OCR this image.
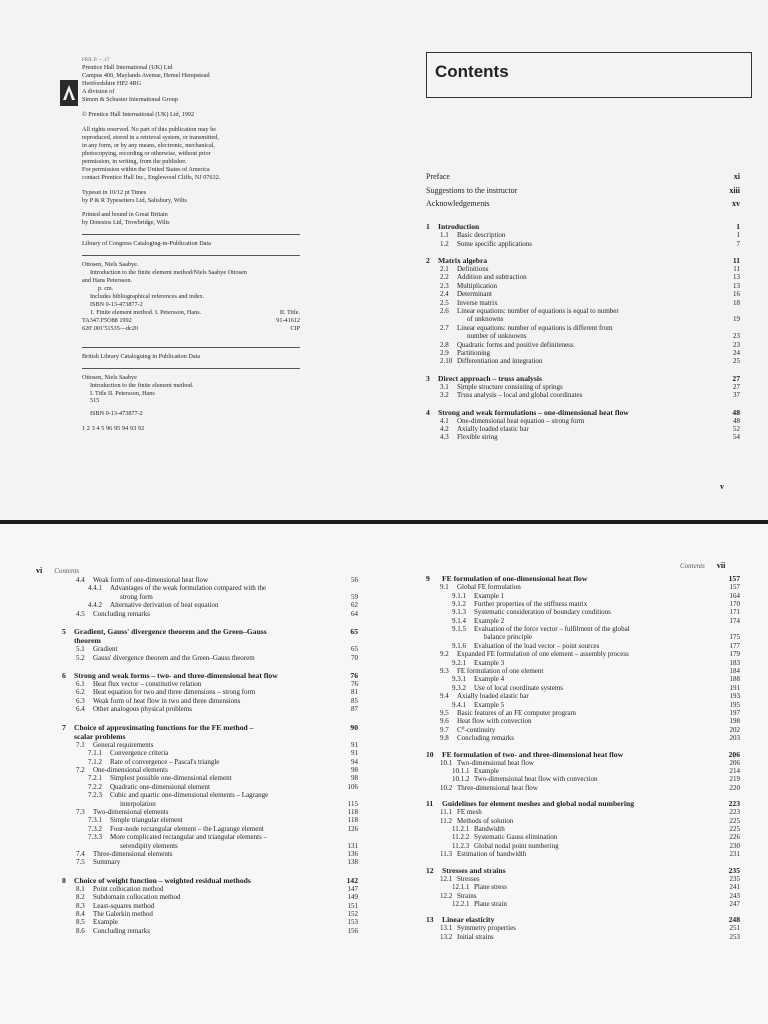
FRIL P. -- .17
Prentice Hall International (UK) Ltd
Campus 400, Maylands Avenue, Hemel Hempstead
Hertfordshire HP2 4RG
A division of
Simon & Schuster International Group
© Prentice Hall International (UK) Ltd, 1992
All rights reserved. No part of this publication may be
reproduced, stored in a retrieval system, or transmitted,
in any form, or by any means, electronic, mechanical,
photocopying, recording or otherwise, without prior
permission, in writing, from the publisher.
For permission within the United States of America
contact Prentice Hall Inc., Englewood Cliffs, NJ 07632.
Typeset in 10/12 pt Times
by P & R Typesetters Ltd, Salisbury, Wilts
Printed and bound in Great Britain
by Dotesios Ltd, Trowbridge, Wilts
Library of Congress Cataloging-in-Publication Data
Ottosen, Niels Saabye.
Introduction to the finite element method/Niels Saabye Ottosen
and Hans Petersson.
p. cm.
Includes bibliographical references and index.
ISBN 0-13-473877-2
1. Finite element method. I. Petersson, Hans.	II. Title.
TA347.F5O88 1992	91-41612
620'.001'51535—dc20	CIP
British Library Cataloguing in Publication Data
Ottosen, Niels Saabye
Introduction to the finite element method.
I. Title II. Petersson, Hans
515
ISBN 0-13-473877-2
1 2 3 4 5 96 95 94 93 92
Contents
Preface	xi
Suggestions to the instructor	xiii
Acknowledgements	xv
1	Introduction	1
1.1	Basic description	1
1.2	Some specific applications	7
2	Matrix algebra	11
2.1	Definitions	11
2.2	Addition and subtraction	13
2.3	Multiplication	13
2.4	Determinant	16
2.5	Inverse matrix	18
2.6	Linear equations: number of equations is equal to number
of unknowns	19
2.7	Linear equations: number of equations is different from
number of unknowns	23
2.8	Quadratic forms and positive definiteness	23
2.9	Partitioning	24
2.10 Differentiation and integration	25
3	Direct approach – truss analysis	27
3.1	Simple structure consisting of springs	27
3.2	Truss analysis – local and global coordinates	37
4	Strong and weak formulations – one-dimensional heat flow	48
4.1	One-dimensional heat equation – strong form	48
4.2	Axially loaded elastic bar	52
4.3	Flexible string	54
v
vi Contents
4.4	Weak form of one-dimensional heat flow	56
4.4.1	Advantages of the weak formulation compared with the
strong form	59
4.4.2	Alternative derivation of heat equation	62
4.5	Concluding remarks	64
5	Gradient, Gauss' divergence theorem and the Green–Gauss
theorem
65
5.1	Gradient	65
5.2	Gauss' divergence theorem and the Green–Gauss theorem	70
6	Strong and weak forms – two- and three-dimensional heat flow	76
6.1	Heat flux vector – constitutive relation	76
6.2	Heat equation for two and three dimensions – strong form	81
6.3	Weak form of heat flow in two and three dimensions	85
6.4	Other analogous physical problems	87
7	Choice of approximating functions for the FE method –
scalar problems
90
7.1	General requirements	91
7.1.1	Convergence criteria	91
7.1.2	Rate of convergence – Pascal's triangle	94
7.2	One-dimensional elements	98
7.2.1	Simplest possible one-dimensional element	98
7.2.2	Quadratic one-dimensional element	106
7.2.3	Cubic and quartic one-dimensional elements – Lagrange
interpolation	115
7.3	Two-dimensional elements	118
7.3.1	Simple triangular element	118
7.3.2	Four-node rectangular element – the Lagrange element	126
7.3.3	More complicated rectangular and triangular elements –
serendipity elements	131
7.4	Three-dimensional elements	136
7.5	Summary	138
8	Choice of weight function – weighted residual methods	142
8.1	Point collocation method	147
8.2	Subdomain collocation method	149
8.3	Least-squares method	151
8.4	The Galerkin method	152
8.5	Example	153
8.6	Concluding remarks	156
Contents vii
9	FE formulation of one-dimensional heat flow	157
9.1	Global FE formulation	157
9.1.1	Example 1	164
9.1.2	Further properties of the stiffness matrix	170
9.1.3	Systematic consideration of boundary conditions	171
9.1.4	Example 2	174
9.1.5	Evaluation of the force vector – fulfilment of the global
balance principle	175
9.1.6	Evaluation of the load vector – point sources	177
9.2	Expanded FE formulation of one element – assembly process	179
9.2.1	Example 3	183
9.3	FE formulation of one element	184
9.3.1	Example 4	188
9.3.2	Use of local coordinate systems	191
9.4	Axially loaded elastic bar	193
9.4.1	Example 5	195
9.5	Basic features of an FE computer program	197
9.6	Heat flow with convection	198
9.7	C⁰-continuity	202
9.8	Concluding remarks	203
10	FE formulation of two- and three-dimensional heat flow	206
10.1 Two-dimensional heat flow	206
10.1.1 Example	214
10.1.2 Two-dimensional heat flow with convection	219
10.2 Three-dimensional heat flow	220
11	Guidelines for element meshes and global nodal numbering	223
11.1 FE mesh	223
11.2 Methods of solution	225
11.2.1 Bandwidth	225
11.2.2 Systematic Gauss elimination	226
11.2.3 Global nodal point numbering	230
11.3 Estimation of bandwidth	231
12	Stresses and strains	235
12.1 Stresses	235
12.1.1 Plane stress	241
12.2 Strains	243
12.2.1 Plane strain	247
13	Linear elasticity	248
13.1 Symmetry properties	251
13.2 Initial strains	253
